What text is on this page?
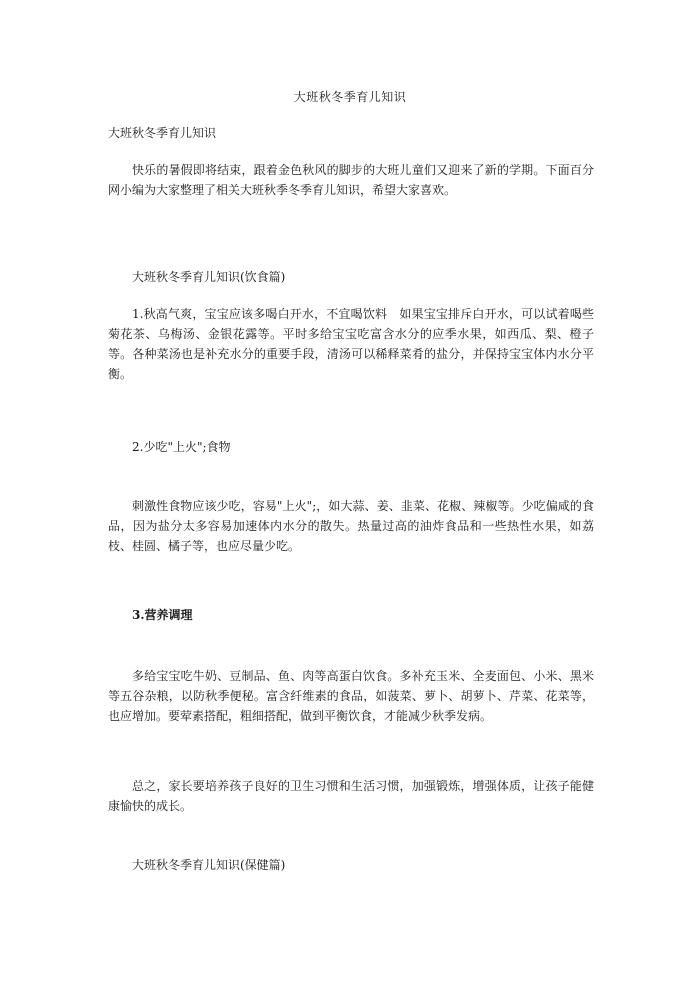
大班秋冬季育儿知识
大班秋冬季育儿知识
快乐的暑假即将结束，跟着金色秋风的脚步的大班儿童们又迎来了新的学期。下面百分网小编为大家整理了相关大班秋季冬季育儿知识，希望大家喜欢。
大班秋冬季育儿知识(饮食篇)
1.秋高气爽，宝宝应该多喝白开水，不宜喝饮料　如果宝宝排斥白开水，可以试着喝些菊花茶、乌梅汤、金银花露等。平时多给宝宝吃富含水分的应季水果，如西瓜、梨、橙子等。各种菜汤也是补充水分的重要手段，清汤可以稀释菜肴的盐分，并保持宝宝体内水分平衡。
2.少吃"上火";食物
刺激性食物应该少吃，容易"上火";，如大蒜、姜、韭菜、花椒、辣椒等。少吃偏咸的食品，因为盐分太多容易加速体内水分的散失。热量过高的油炸食品和一些热性水果，如荔枝、桂圆、橘子等，也应尽量少吃。
3.营养调理
多给宝宝吃牛奶、豆制品、鱼、肉等高蛋白饮食。多补充玉米、全麦面包、小米、黑米等五谷杂粮，以防秋季便秘。富含纤维素的食品，如菠菜、萝卜、胡萝卜、芹菜、花菜等，也应增加。要荤素搭配，粗细搭配，做到平衡饮食，才能减少秋季发病。
总之，家长要培养孩子良好的卫生习惯和生活习惯，加强锻炼，增强体质，让孩子能健康愉快的成长。
大班秋冬季育儿知识(保健篇)
